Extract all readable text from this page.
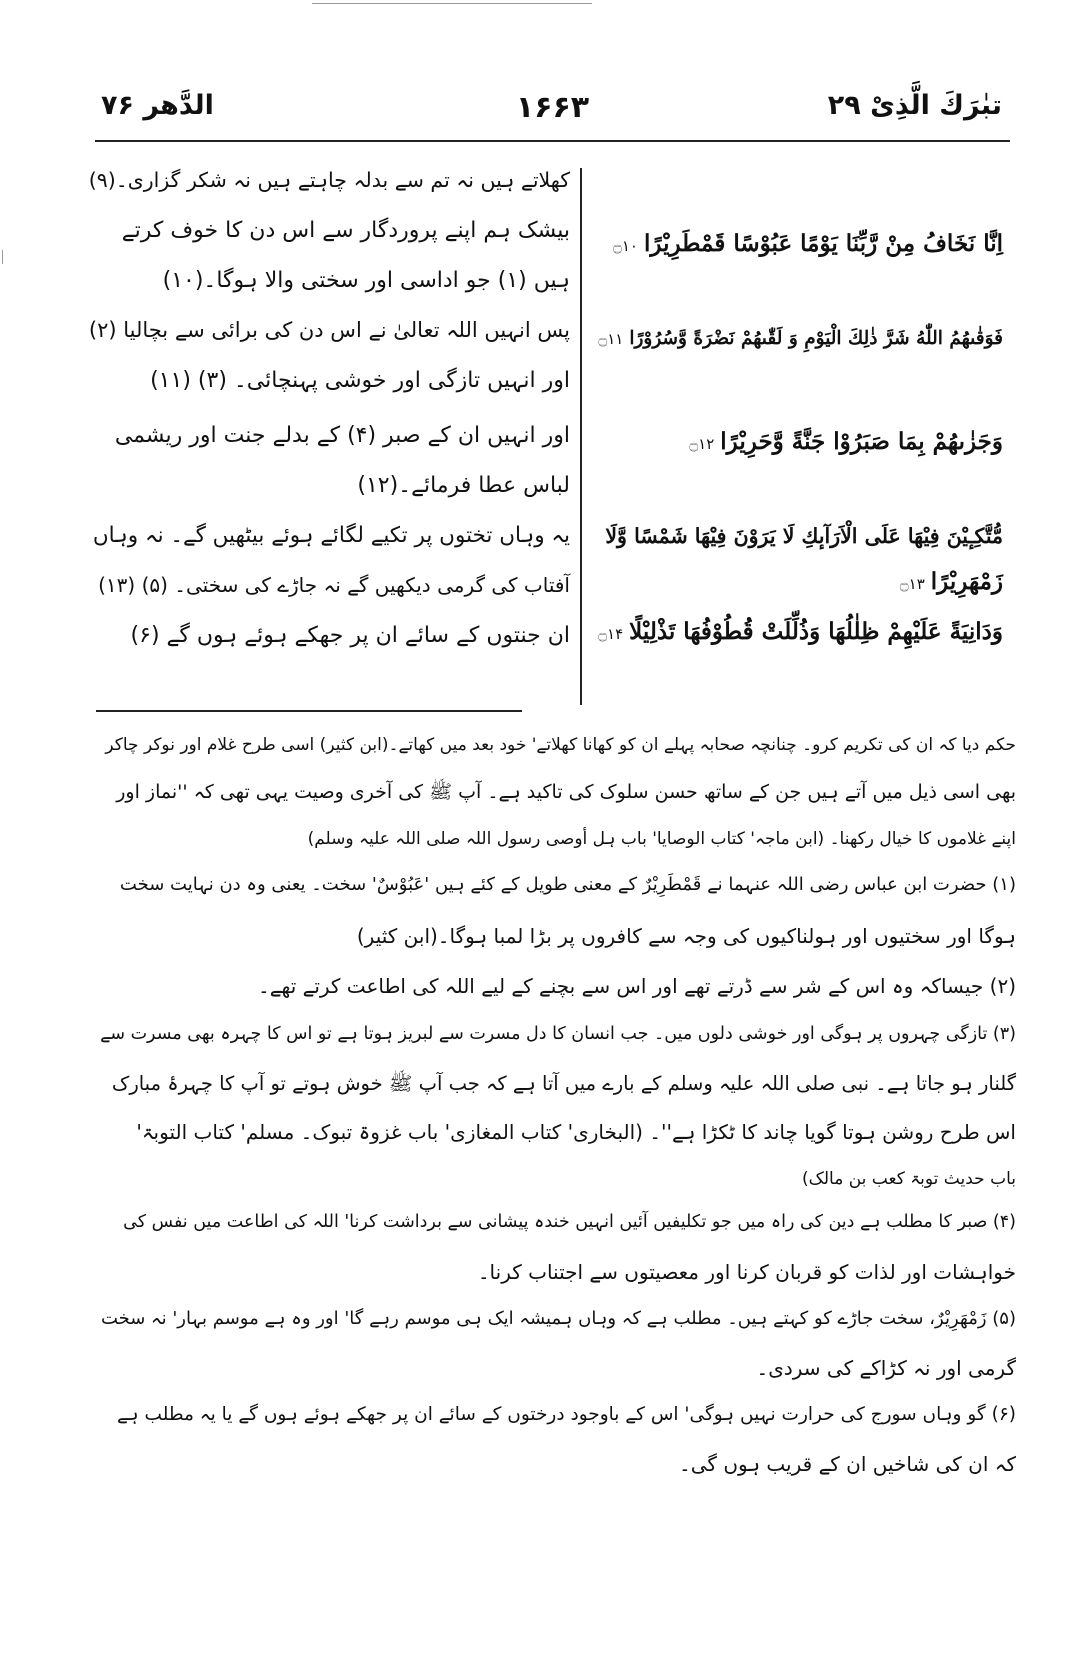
الدَّھر ۷۶	۱۶۶۳	تبٰرَكَ الَّذِیْ ۲۹
اِنَّا نَخَافُ مِنْ رَّبِّنَا یَوْمًا عَبُوْسًا قَمْطَرِیْرًا۝۱۰
فَوَقٰىهُمُ اللّٰهُ شَرَّ ذٰلِكَ الْیَوْمِ وَ لَقّٰىهُمْ نَضْرَةً وَّسُرُوْرًا۝۱۱
وَجَزٰىهُمْ بِمَا صَبَرُوْا جَنَّةً وَّحَرِیْرًا۝۱۲
مُّتَّكِـٕیْنَ فِیْهَا عَلَى الْاَرَآىٕكِ لَا یَرَوْنَ فِیْهَا شَمْسًا وَّلَا
زَمْهَرِیْرًا۝۱۳
وَدَانِیَةً عَلَیْهِمْ ظِلٰلُهَا وَذُلِّلَتْ قُطُوْفُهَا تَذْلِیْلًا۝۱۴
کھلاتے ہیں نہ تم سے بدلہ چاہتے ہیں نہ شکر گزاری۔(۹)
بیشک ہم اپنے پروردگار سے اس دن کا خوف کرتے
ہیں (۱) جو اداسی اور سختی والا ہوگا۔(۱۰)
پس انہیں اللہ تعالیٰ نے اس دن کی برائی سے بچالیا (۲)
اور انہیں تازگی اور خوشی پہنچائی۔ (۳) (۱۱)
اور انہیں ان کے صبر (۴) کے بدلے جنت اور ریشمی
لباس عطا فرمائے۔(۱۲)
یہ وہاں تختوں پر تکیے لگائے ہوئے بیٹھیں گے۔ نہ وہاں
آفتاب کی گرمی دیکھیں گے نہ جاڑے کی سختی۔ (۵) (۱۳)
ان جنتوں کے سائے ان پر جھکے ہوئے ہوں گے (۶)
حکم دیا کہ ان کی تکریم کرو۔ چنانچہ صحابہ پہلے ان کو کھانا کھلاتے' خود بعد میں کھاتے۔(ابن کثیر) اسی طرح غلام اور نوکر چاکر
بھی اسی ذیل میں آتے ہیں جن کے ساتھ حسن سلوک کی تاکید ہے۔ آپ ﷺ کی آخری وصیت یہی تھی کہ ''نماز اور
اپنے غلاموں کا خیال رکھنا۔ (ابن ماجہ' کتاب الوصایا' باب ہل أوصی رسول اللہ صلی اللہ علیہ وسلم)
(۱) حضرت ابن عباس رضی اللہ عنہما نے قَمْطَرِیْرٌ کے معنی طویل کے کئے ہیں 'عَبُوْسٌ' سخت۔ یعنی وہ دن نہایت سخت
ہوگا اور سختیوں اور ہولناکیوں کی وجہ سے کافروں پر بڑا لمبا ہوگا۔(ابن کثیر)
(۲) جیساکہ وہ اس کے شر سے ڈرتے تھے اور اس سے بچنے کے لیے اللہ کی اطاعت کرتے تھے۔
(۳) تازگی چہروں پر ہوگی اور خوشی دلوں میں۔ جب انسان کا دل مسرت سے لبریز ہوتا ہے تو اس کا چہرہ بھی مسرت سے
گلنار ہو جاتا ہے۔ نبی صلی اللہ علیہ وسلم کے بارے میں آتا ہے کہ جب آپ ﷺ خوش ہوتے تو آپ کا چہرۂ مبارک
اس طرح روشن ہوتا گویا چاند کا ٹکڑا ہے''۔ (البخاری' کتاب المغازی' باب غزوۃ تبوک۔ مسلم' کتاب التوبۃ'
باب حدیث توبۃ کعب بن مالک)
(۴) صبر کا مطلب ہے دین کی راہ میں جو تکلیفیں آئیں انہیں خندہ پیشانی سے برداشت کرنا' اللہ کی اطاعت میں نفس کی
خواہشات اور لذات کو قربان کرنا اور معصیتوں سے اجتناب کرنا۔
(۵) زَمْهَرِیْرٌ، سخت جاڑے کو کہتے ہیں۔ مطلب ہے کہ وہاں ہمیشہ ایک ہی موسم رہے گا' اور وہ ہے موسم بہار' نہ سخت
گرمی اور نہ کڑاکے کی سردی۔
(۶) گو وہاں سورج کی حرارت نہیں ہوگی' اس کے باوجود درختوں کے سائے ان پر جھکے ہوئے ہوں گے یا یہ مطلب ہے
کہ ان کی شاخیں ان کے قریب ہوں گی۔
